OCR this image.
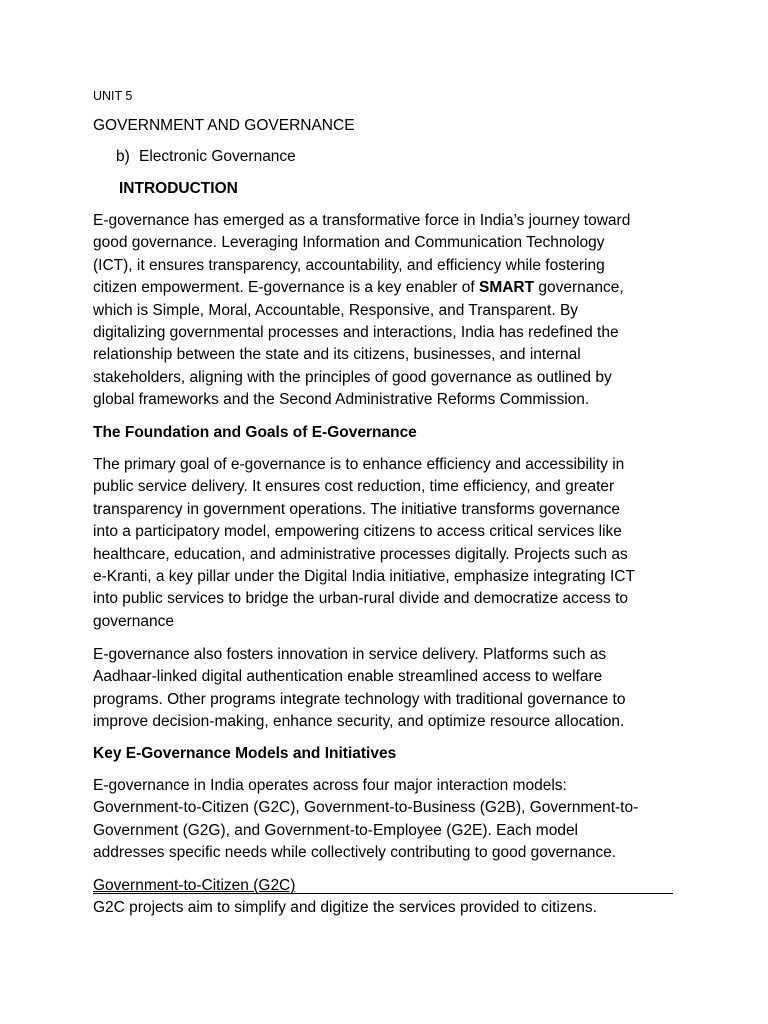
UNIT 5
GOVERNMENT AND GOVERNANCE
b) Electronic Governance
INTRODUCTION

E-governance has emerged as a transformative force in India’s journey toward
good governance. Leveraging Information and Communication Technology
(ICT), it ensures transparency, accountability, and efficiency while fostering
citizen empowerment. E-governance is a key enabler of SMART governance,
which is Simple, Moral, Accountable, Responsive, and Transparent. By
digitalizing governmental processes and interactions, India has redefined the
relationship between the state and its citizens, businesses, and internal
stakeholders, aligning with the principles of good governance as outlined by
global frameworks and the Second Administrative Reforms Commission.

The Foundation and Goals of E-Governance

The primary goal of e-governance is to enhance efficiency and accessibility in
public service delivery. It ensures cost reduction, time efficiency, and greater
transparency in government operations. The initiative transforms governance
into a participatory model, empowering citizens to access critical services like
healthcare, education, and administrative processes digitally. Projects such as
e-Kranti, a key pillar under the Digital India initiative, emphasize integrating ICT
into public services to bridge the urban-rural divide and democratize access to
governance

E-governance also fosters innovation in service delivery. Platforms such as
Aadhaar-linked digital authentication enable streamlined access to welfare
programs. Other programs integrate technology with traditional governance to
improve decision-making, enhance security, and optimize resource allocation.

Key E-Governance Models and Initiatives

E-governance in India operates across four major interaction models:
Government-to-Citizen (G2C), Government-to-Business (G2B), Government-to-
Government (G2G), and Government-to-Employee (G2E). Each model
addresses specific needs while collectively contributing to good governance.

Government-to-Citizen (G2C)

G2C projects aim to simplify and digitize the services provided to citizens.
